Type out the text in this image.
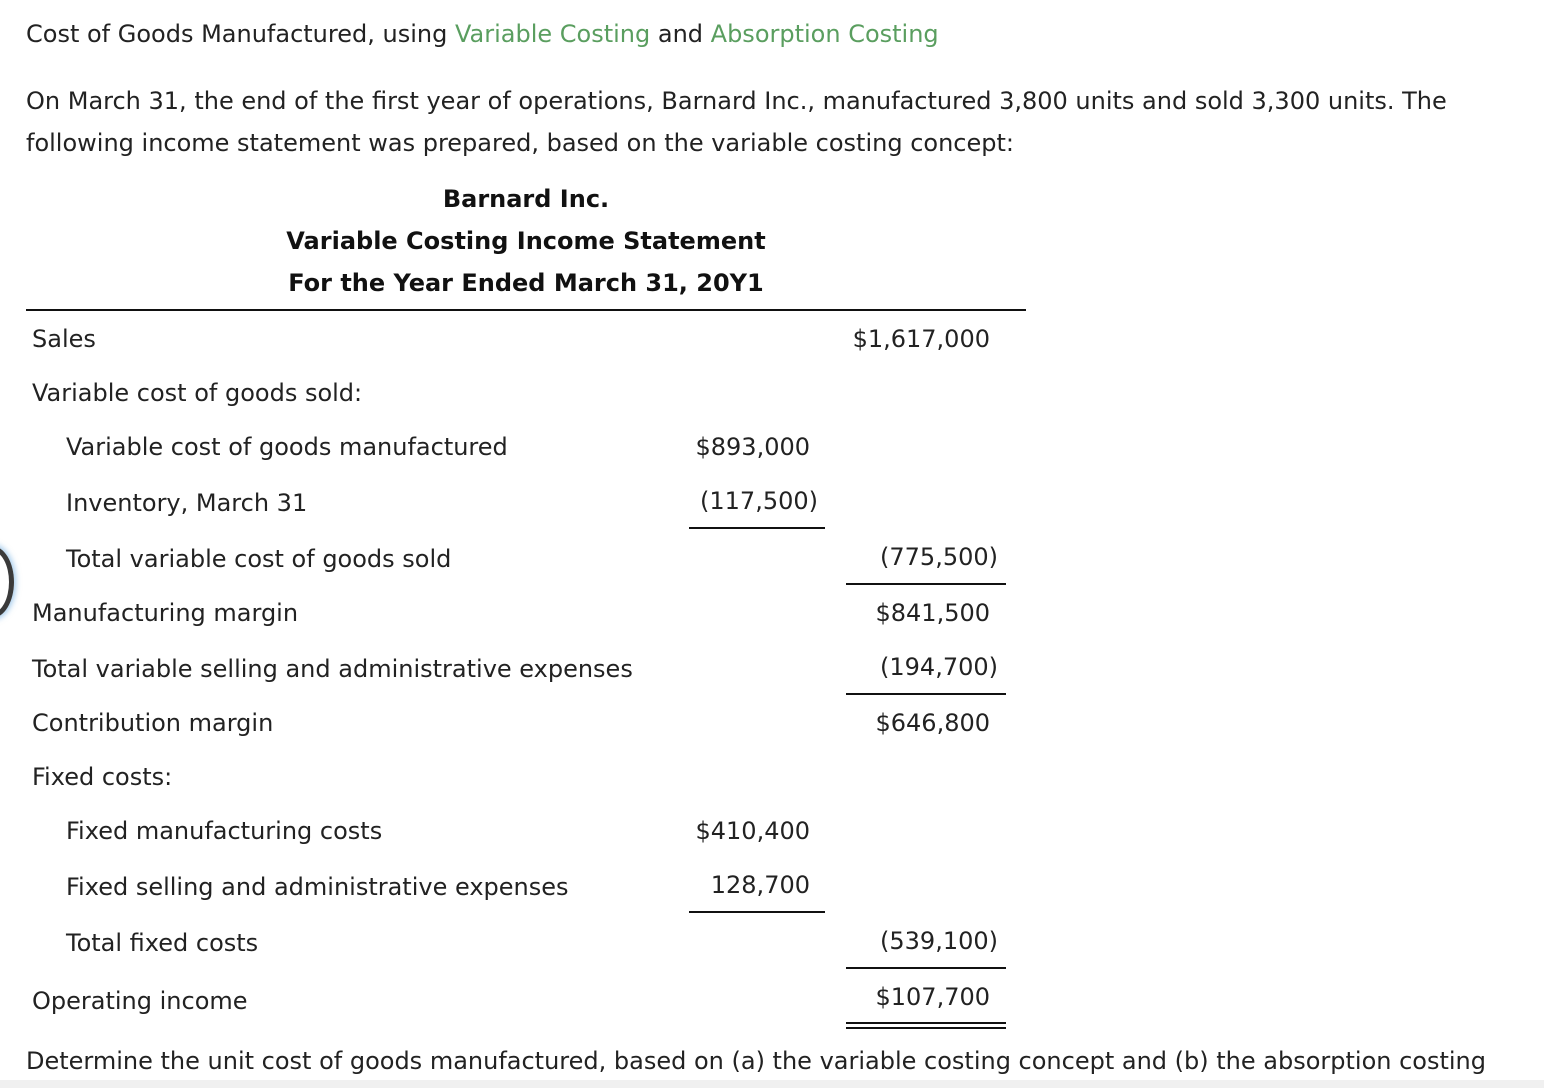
Cost of Goods Manufactured, using Variable Costing and Absorption Costing
On March 31, the end of the first year of operations, Barnard Inc., manufactured 3,800 units and sold 3,300 units. The following income statement was prepared, based on the variable costing concept:
Barnard Inc.
Variable Costing Income Statement
For the Year Ended March 31, 20Y1
Sales	$1,617,000
Variable cost of goods sold:
Variable cost of goods manufactured	$893,000
Inventory, March 31	(117,500)
Total variable cost of goods sold	(775,500)
Manufacturing margin	$841,500
Total variable selling and administrative expenses	(194,700)
Contribution margin	$646,800
Fixed costs:
Fixed manufacturing costs	$410,400
Fixed selling and administrative expenses	128,700
Total fixed costs	(539,100)
Operating income	$107,700
Determine the unit cost of goods manufactured, based on (a) the variable costing concept and (b) the absorption costing
